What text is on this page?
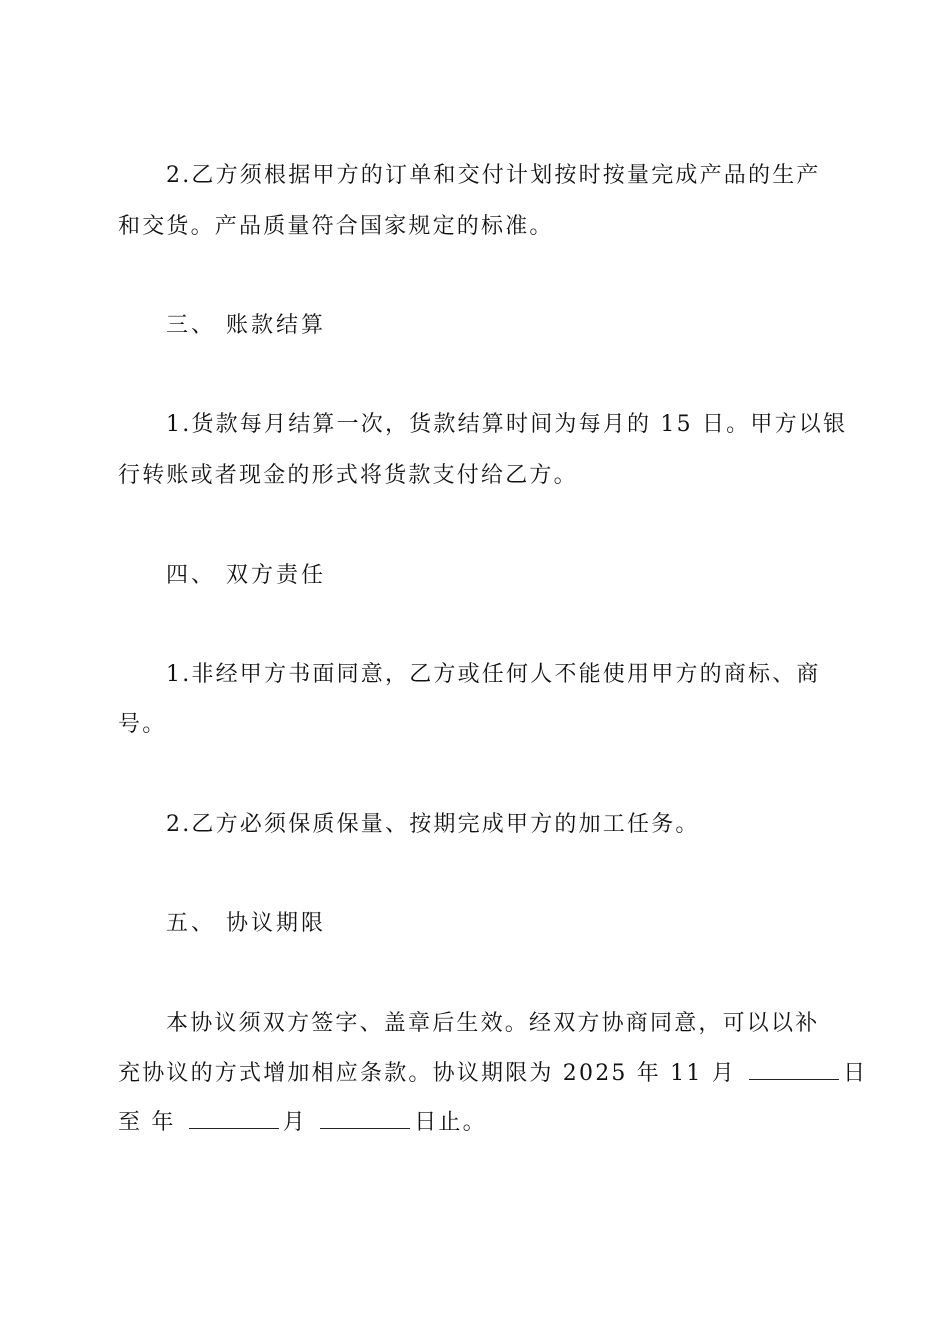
2.乙方须根据甲方的订单和交付计划按时按量完成产品的生产
和交货。产品质量符合国家规定的标准。
三、 账款结算
1.货款每月结算一次，货款结算时间为每月的 15 日。甲方以银
行转账或者现金的形式将货款支付给乙方。
四、 双方责任
1.非经甲方书面同意，乙方或任何人不能使用甲方的商标、商
号。
2.乙方必须保质保量、按期完成甲方的加工任务。
五、 协议期限
本协议须双方签字、盖章后生效。经双方协商同意，可以以补
充协议的方式增加相应条款。协议期限为 2025 年 11 月	日
至 年	月	日止。
